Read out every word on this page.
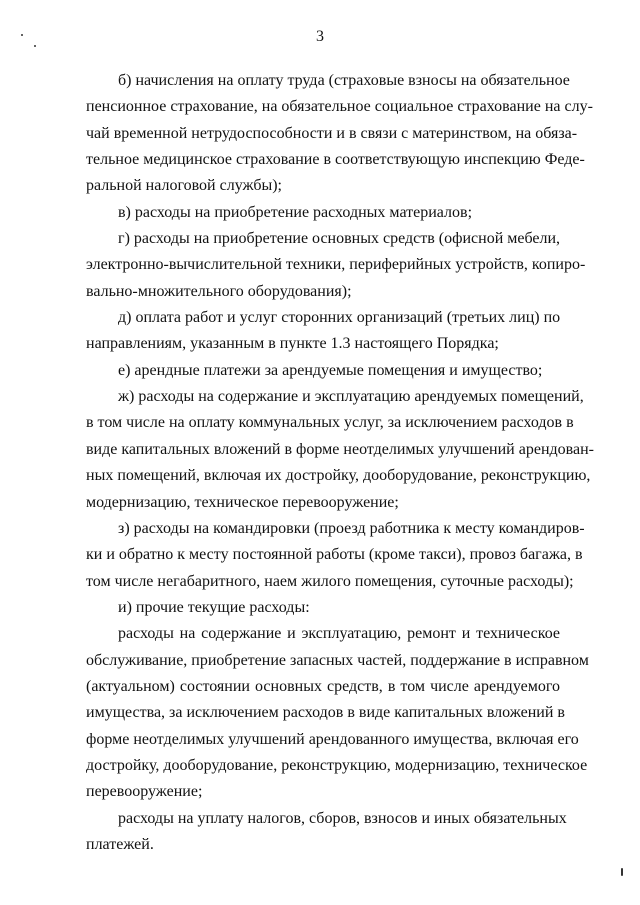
3
б) начисления на оплату труда (страховые взносы на обязательное
пенсионное страхование, на обязательное социальное страхование на слу-
чай временной нетрудоспособности и в связи с материнством, на обяза-
тельное медицинское страхование в соответствующую инспекцию Феде-
ральной налоговой службы);
в) расходы на приобретение расходных материалов;
г) расходы на приобретение основных средств (офисной мебели,
электронно-вычислительной техники, периферийных устройств, копиро-
вально-множительного оборудования);
д) оплата работ и услуг сторонних организаций (третьих лиц) по
направлениям, указанным в пункте 1.3 настоящего Порядка;
е) арендные платежи за арендуемые помещения и имущество;
ж) расходы на содержание и эксплуатацию арендуемых помещений,
в том числе на оплату коммунальных услуг, за исключением расходов в
виде капитальных вложений в форме неотделимых улучшений арендован-
ных помещений, включая их достройку, дооборудование, реконструкцию,
модернизацию, техническое перевооружение;
з) расходы на командировки (проезд работника к месту командиров-
ки и обратно к месту постоянной работы (кроме такси), провоз багажа, в
том числе негабаритного, наем жилого помещения, суточные расходы);
и) прочие текущие расходы:
расходы на содержание и эксплуатацию, ремонт и техническое
обслуживание, приобретение запасных частей, поддержание в исправном
(актуальном) состоянии основных средств, в том числе арендуемого
имущества, за исключением расходов в виде капитальных вложений в
форме неотделимых улучшений арендованного имущества, включая его
достройку, дооборудование, реконструкцию, модернизацию, техническое
перевооружение;
расходы на уплату налогов, сборов, взносов и иных обязательных
платежей.
